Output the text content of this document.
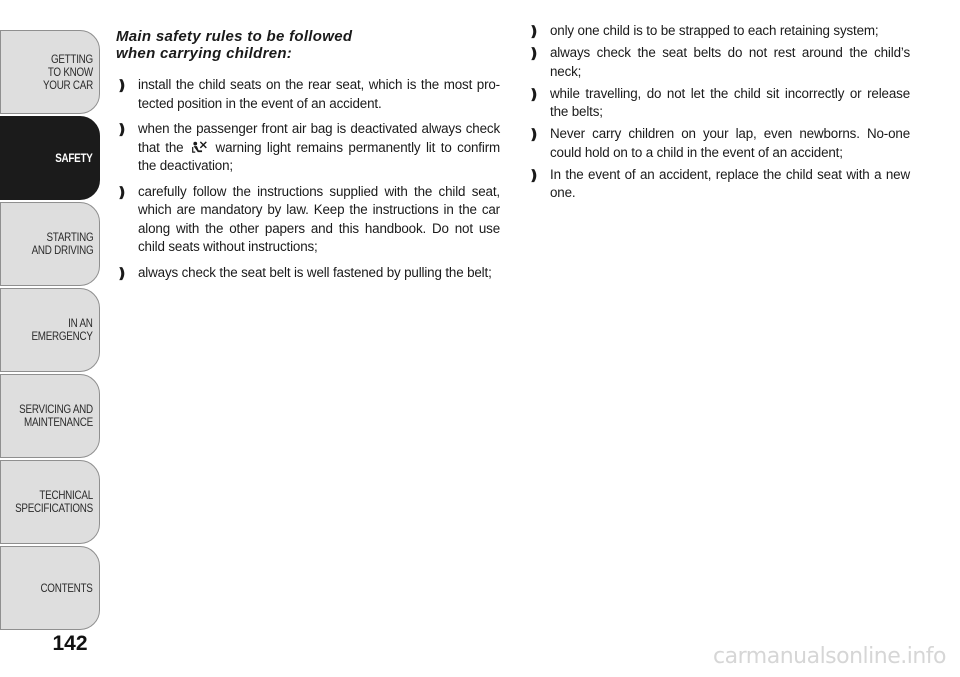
GETTING
TO KNOW
YOUR CAR
SAFETY
STARTING
AND DRIVING
IN AN
EMERGENCY
SERVICING AND
MAINTENANCE
TECHNICAL
SPECIFICATIONS
CONTENTS
142
Main safety rules to be followed
when carrying children:
❫ install the child seats on the rear seat, which is the most pro-tected position in the event of an accident.
❫ when the passenger front air bag is deactivated always check that the  warning light remains permanently lit to confirm the deactivation;
❫ carefully follow the instructions supplied with the child seat, which are mandatory by law. Keep the instructions in the car along with the other papers and this handbook. Do not use child seats without instructions;
❫ always check the seat belt is well fastened by pulling the belt;
❫ only one child is to be strapped to each retaining system;
❫ always check the seat belts do not rest around the child’s neck;
❫ while travelling, do not let the child sit incorrectly or release the belts;
❫ Never carry children on your lap, even newborns. No-one could hold on to a child in the event of an accident;
❫ In the event of an accident, replace the child seat with a new one.
carmanualsonline.info
